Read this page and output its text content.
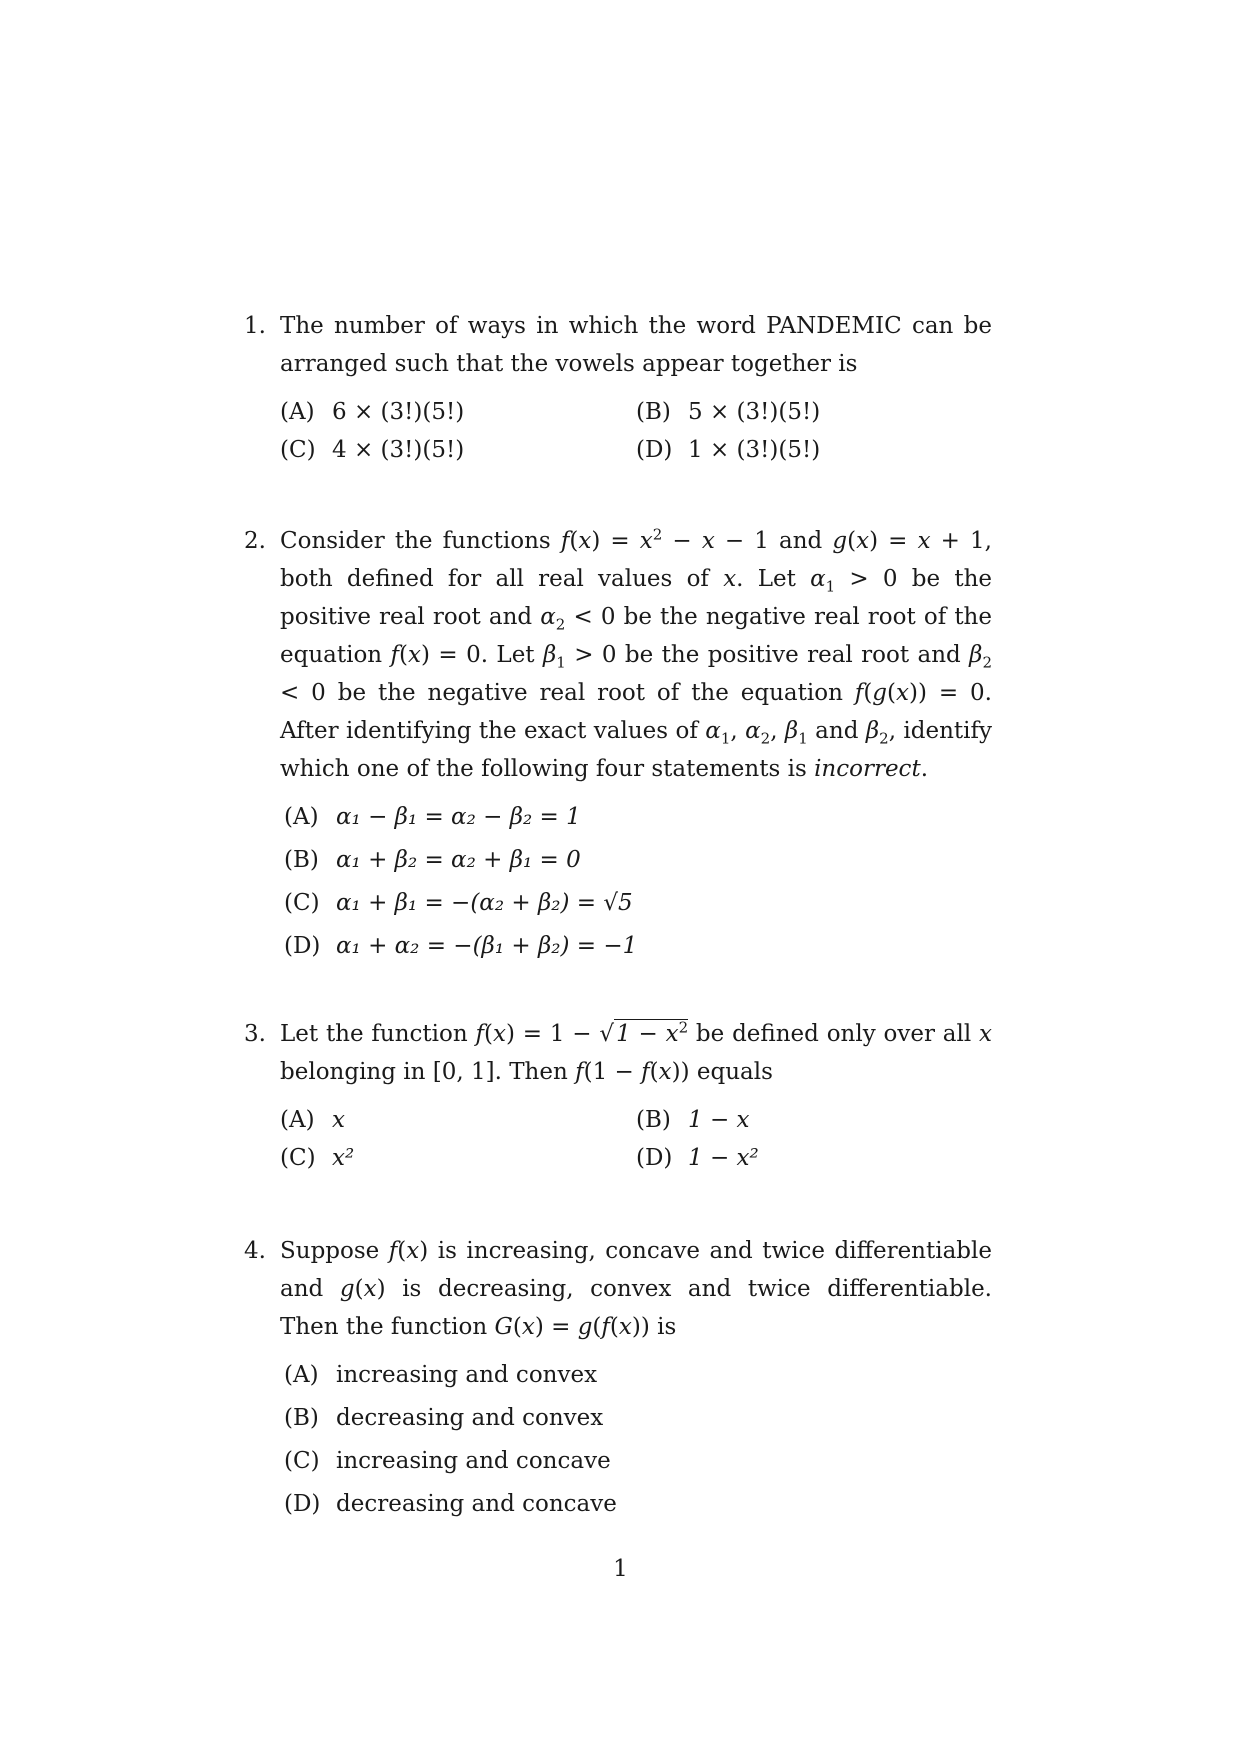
1. The number of ways in which the word PANDEMIC can be arranged such that the vowels appear together is
(A) 6 × (3!)(5!)	(B) 5 × (3!)(5!)
(C) 4 × (3!)(5!)	(D) 1 × (3!)(5!)
2. Consider the functions $f(x) = x^2 - x - 1$ and g(x) = x + 1, both defined for all real values of x. Let $\alpha_1 > 0$ be the positive real root and $\alpha_2 < 0$ be the negative real root of the equation f(x) = 0. Let $\beta_1 > 0$ be the positive real root and $\beta_2 < 0$ be the negative real root of the equation f(g(x)) = 0. After identifying the exact values of $\alpha_1$, $\alpha_2$, $\beta_1$ and $\beta_2$, identify which one of the following four statements is incorrect.
(A) α₁ − β₁ = α₂ − β₂ = 1
(B) α₁ + β₂ = α₂ + β₁ = 0
(C) α₁ + β₁ = −(α₂ + β₂) = √5
(D) α₁ + α₂ = −(β₁ + β₂) = −1
3. Let the function $f(x) = 1 - √1 - x^2$ be defined only over all x belonging in [0, 1]. Then f(1 − f(x)) equals
(A) x	(B) 1 − x
(C) x²	(D) 1 − x²
4. Suppose f(x) is increasing, concave and twice differentiable and g(x) is decreasing, convex and twice differentiable. Then the function G(x) = g(f(x)) is
(A) increasing and convex
(B) decreasing and convex
(C) increasing and concave
(D) decreasing and concave
1
